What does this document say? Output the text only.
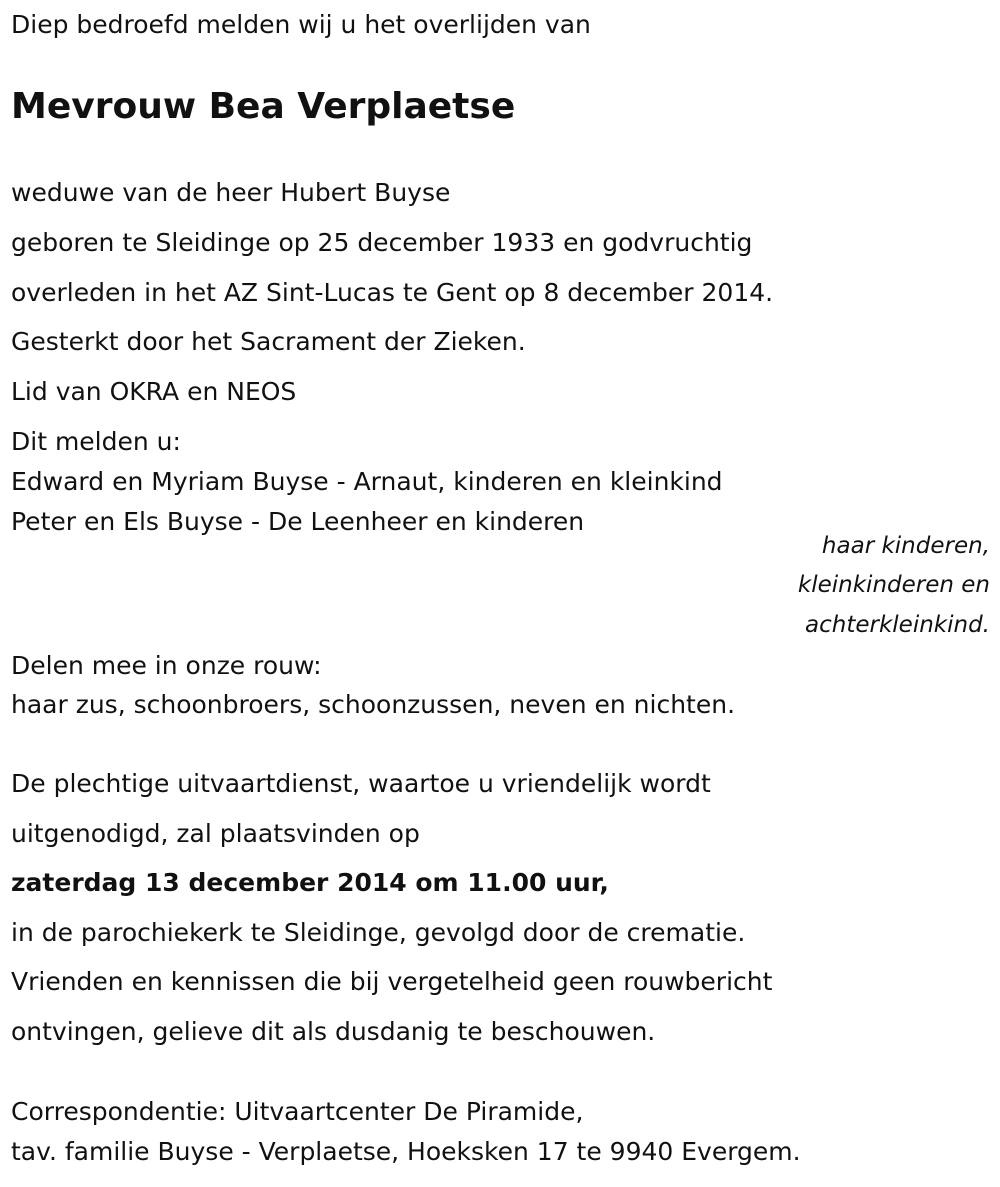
Diep bedroefd melden wij u het overlijden van
Mevrouw Bea Verplaetse
weduwe van de heer Hubert Buyse
geboren te Sleidinge op 25 december 1933 en godvruchtig
overleden in het AZ Sint-Lucas te Gent op 8 december 2014.
Gesterkt door het Sacrament der Zieken.
Lid van OKRA en NEOS
Dit melden u:
Edward en Myriam Buyse - Arnaut, kinderen en kleinkind
Peter en Els Buyse - De Leenheer en kinderen
haar kinderen,
kleinkinderen en
achterkleinkind.
Delen mee in onze rouw:
haar zus, schoonbroers, schoonzussen, neven en nichten.
De plechtige uitvaartdienst, waartoe u vriendelijk wordt
uitgenodigd, zal plaatsvinden op
zaterdag 13 december 2014 om 11.00 uur,
in de parochiekerk te Sleidinge, gevolgd door de crematie.
Vrienden en kennissen die bij vergetelheid geen rouwbericht
ontvingen, gelieve dit als dusdanig te beschouwen.
Correspondentie: Uitvaartcenter De Piramide,
tav. familie Buyse - Verplaetse, Hoeksken 17 te 9940 Evergem.
